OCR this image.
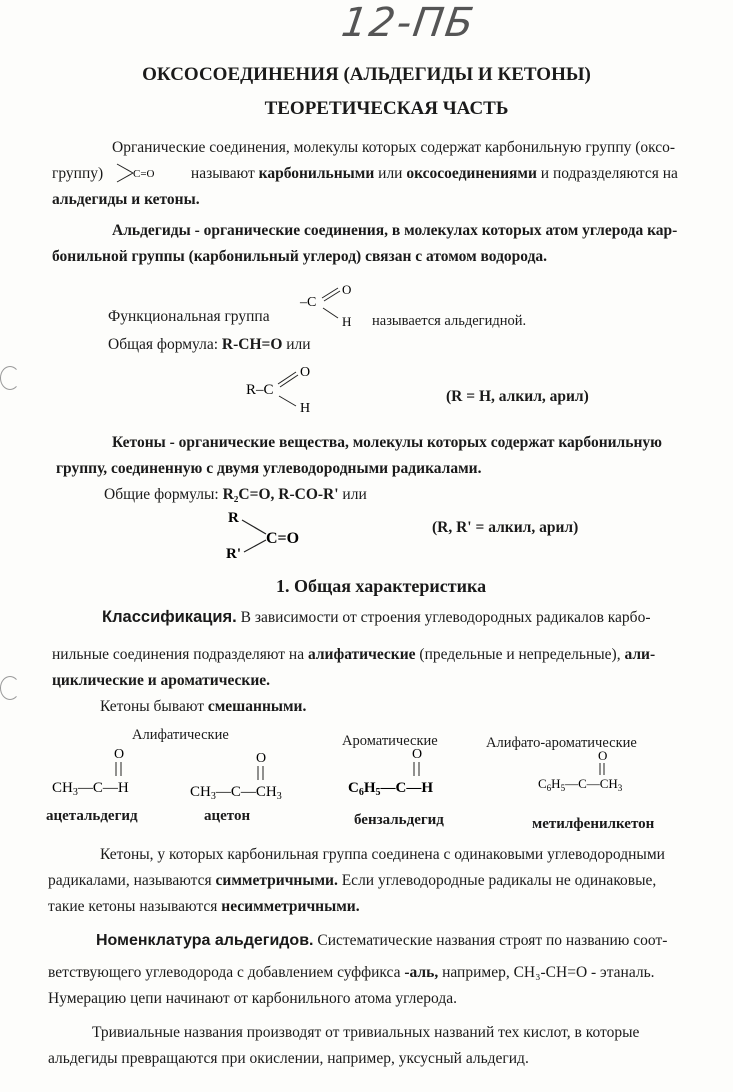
12-ПБ
ОКСОСОЕДИНЕНИЯ (АЛЬДЕГИДЫ И КЕТОНЫ)
ТЕОРЕТИЧЕСКАЯ ЧАСТЬ
Органические соединения, молекулы которых содержат карбонильную группу (оксо-
группу)	C=O называют карбонильными или оксосоединениями и подразделяются на
альдегиды и кетоны.
Альдегиды - органические соединения, в молекулах которых атом углерода кар-
бонильной группы (карбонильный углерод) связан с атомом водорода.
Функциональная группа
–C
O
H называется альдегидной.
Общая формула: R-CH=O или
R–C
O
H
(R = H, алкил, арил)
Кетоны - органические вещества, молекулы которых содержат карбонильную
группу, соединенную с двумя углеводородными радикалами.
Общие формулы: R₂C=O, R-CO-R' или
R
R'
C=O
(R, R' = алкил, арил)
1. Общая характеристика
Классификация. В зависимости от строения углеводородных радикалов карбо-
нильные соединения подразделяют на алифатические (предельные и непредельные), али-
циклические и ароматические.
Кетоны бывают смешанными.
Алифатические	Ароматические	Алифато-ароматические
O
$CH_3—C—H$
O
$CH_3—C—CH_3$
O
$C_6H_5—C—H$
O
$C_6H_5—C—CH_3$
ацетальдегид	ацетон	бензальдегид	метилфенилкетон
Кетоны, у которых карбонильная группа соединена с одинаковыми углеводородными
радикалами, называются симметричными. Если углеводородные радикалы не одинаковые,
такие кетоны называются несимметричными.
Номенклатура альдегидов. Систематические названия строят по названию соот-
ветствующего углеводорода с добавлением суффикса -аль, например, CH₃-CH=O - этаналь.
Нумерацию цепи начинают от карбонильного атома углерода.
Тривиальные названия производят от тривиальных названий тех кислот, в которые
альдегиды превращаются при окислении, например, уксусный альдегид.
